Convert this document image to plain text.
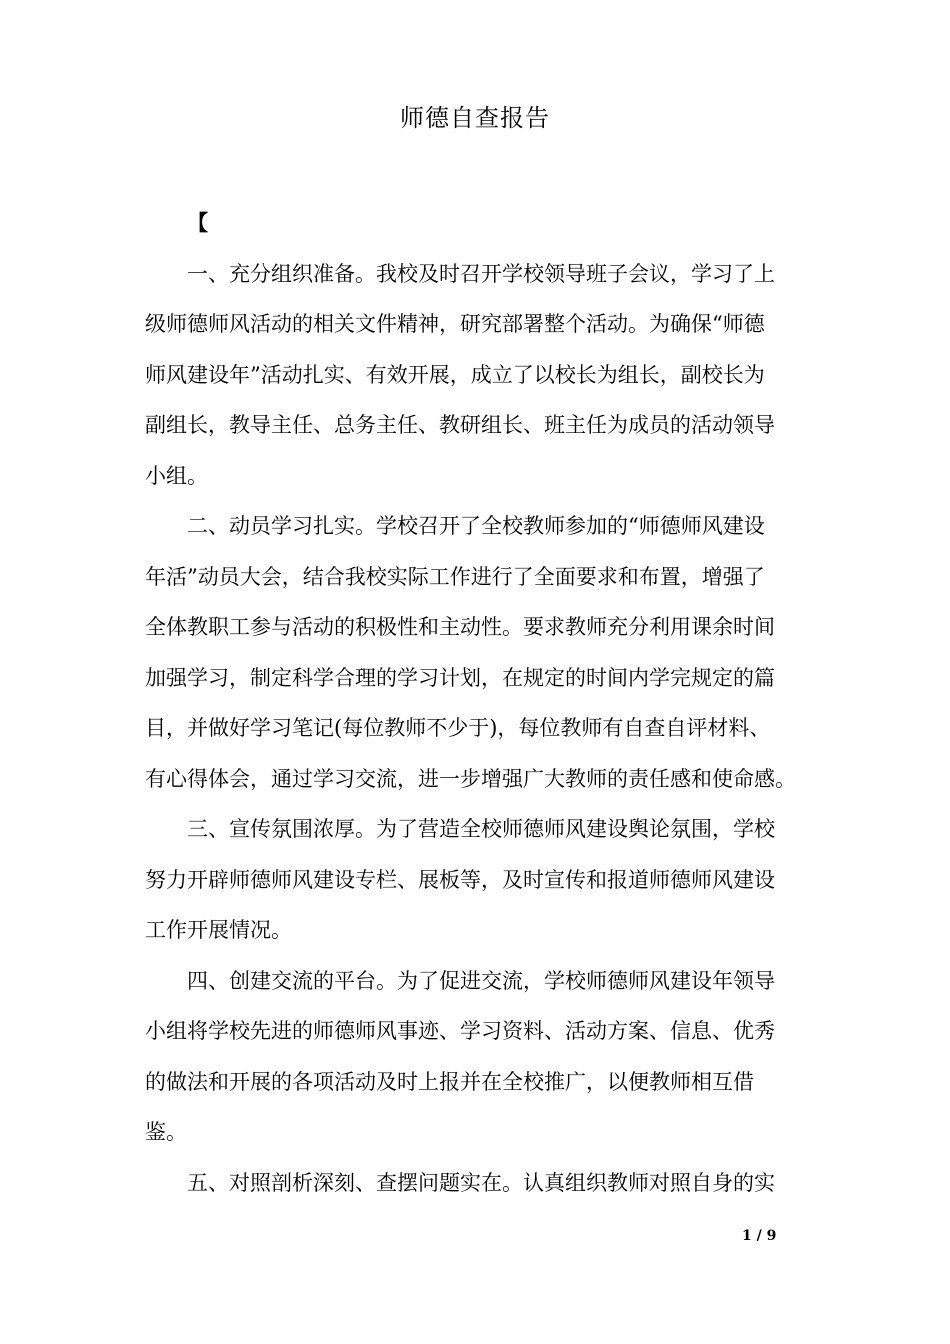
师德自查报告
【
　　一、充分组织准备。我校及时召开学校领导班子会议，学习了上
级师德师风活动的相关文件精神，研究部署整个活动。为确保“师德
师风建设年”活动扎实、有效开展，成立了以校长为组长，副校长为
副组长，教导主任、总务主任、教研组长、班主任为成员的活动领导
小组。
　　二、动员学习扎实。学校召开了全校教师参加的“师德师风建设
年活”动员大会，结合我校实际工作进行了全面要求和布置，增强了
全体教职工参与活动的积极性和主动性。要求教师充分利用课余时间
加强学习，制定科学合理的学习计划，在规定的时间内学完规定的篇
目，并做好学习笔记(每位教师不少于)，每位教师有自查自评材料、
有心得体会，通过学习交流，进一步增强广大教师的责任感和使命感。
　　三、宣传氛围浓厚。为了营造全校师德师风建设舆论氛围，学校
努力开辟师德师风建设专栏、展板等，及时宣传和报道师德师风建设
工作开展情况。
　　四、创建交流的平台。为了促进交流，学校师德师风建设年领导
小组将学校先进的师德师风事迹、学习资料、活动方案、信息、优秀
的做法和开展的各项活动及时上报并在全校推广，以便教师相互借
鉴。
　　五、对照剖析深刻、查摆问题实在。认真组织教师对照自身的实
1 / 9
